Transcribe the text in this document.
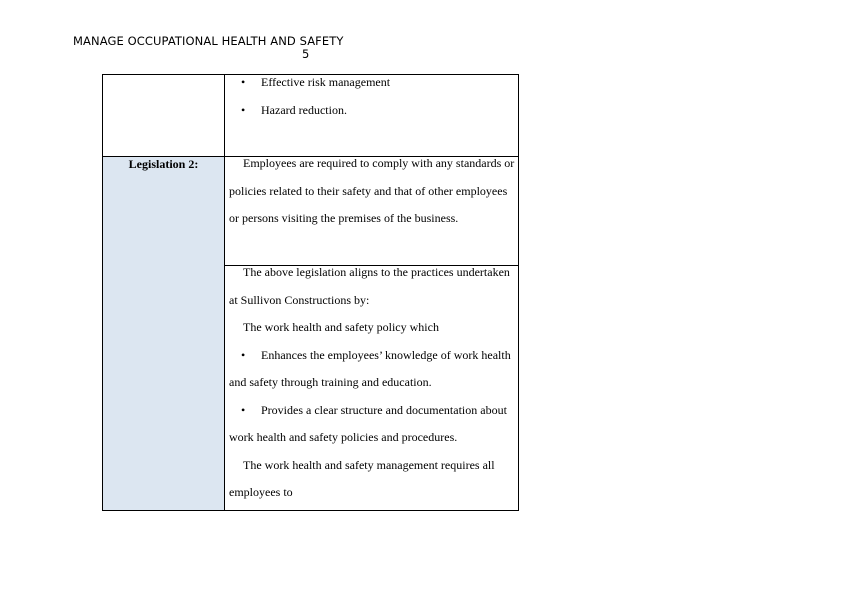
MANAGE OCCUPATIONAL HEALTH AND SAFETY
5

	• Effective risk management
• Hazard reduction.

Legislation 2:	Employees are required to comply with any standards or policies related to their safety and that of other employees or persons visiting the premises of the business.

	The above legislation aligns to the practices undertaken at Sullivon Constructions by:
The work health and safety policy which
• Enhances the employees’ knowledge of work health and safety through training and education.
• Provides a clear structure and documentation about work health and safety policies and procedures.
The work health and safety management requires all employees to
